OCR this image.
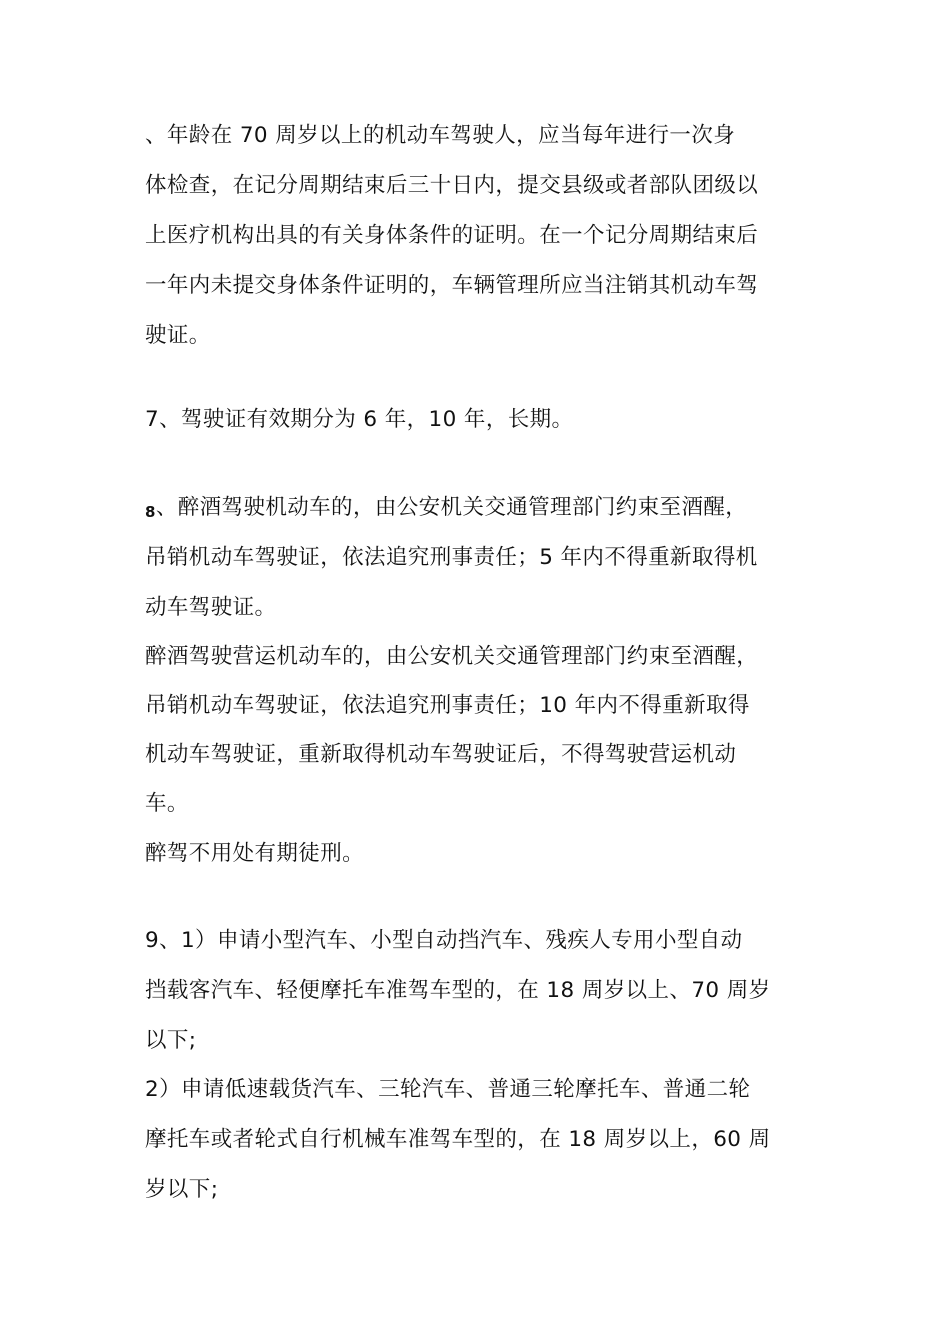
、年龄在 70 周岁以上的机动车驾驶人，应当每年进行一次身
体检查，在记分周期结束后三十日内，提交县级或者部队团级以
上医疗机构出具的有关身体条件的证明。在一个记分周期结束后
一年内未提交身体条件证明的，车辆管理所应当注销其机动车驾
驶证。
7、驾驶证有效期分为 6 年，10 年，长期。
8、醉酒驾驶机动车的，由公安机关交通管理部门约束至酒醒，
吊销机动车驾驶证，依法追究刑事责任；5 年内不得重新取得机
动车驾驶证。
醉酒驾驶营运机动车的，由公安机关交通管理部门约束至酒醒，
吊销机动车驾驶证，依法追究刑事责任；10 年内不得重新取得
机动车驾驶证，重新取得机动车驾驶证后，不得驾驶营运机动
车。
醉驾不用处有期徒刑。
9、1）申请小型汽车、小型自动挡汽车、残疾人专用小型自动
挡载客汽车、轻便摩托车准驾车型的，在 18 周岁以上、70 周岁
以下;
2）申请低速载货汽车、三轮汽车、普通三轮摩托车、普通二轮
摩托车或者轮式自行机械车准驾车型的，在 18 周岁以上，60 周
岁以下;
